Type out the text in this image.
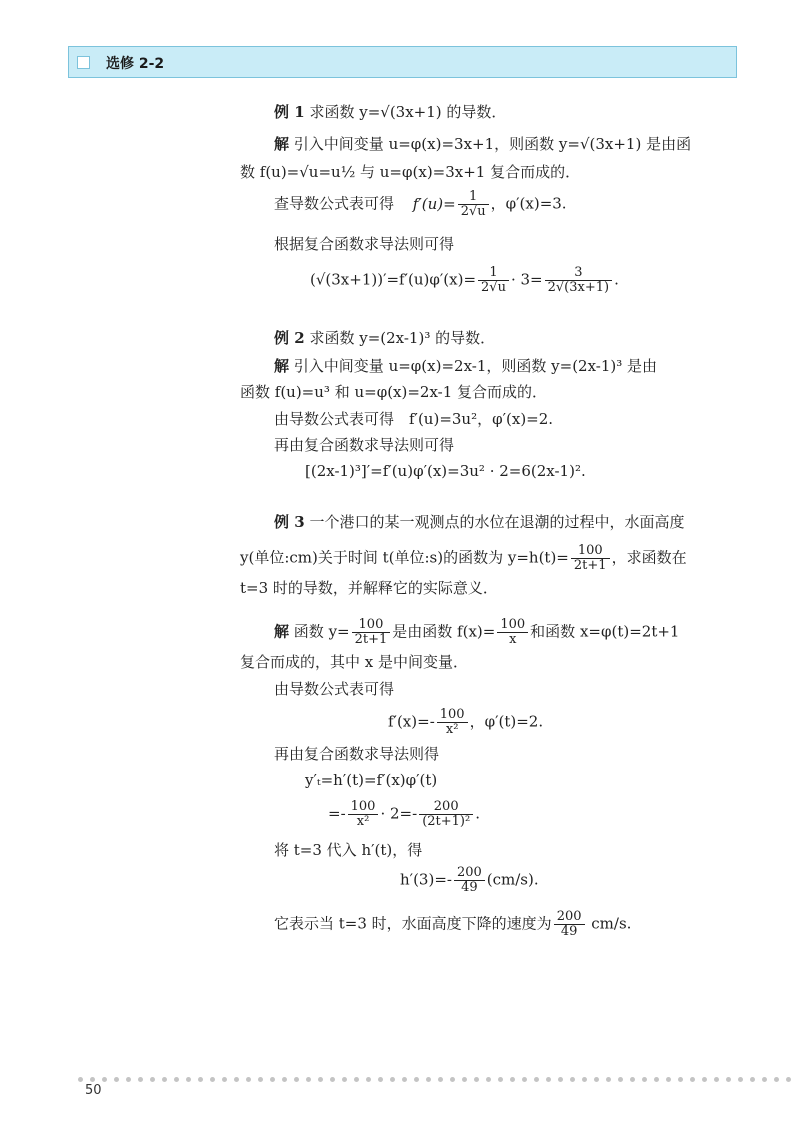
选修 2-2
例 1 求函数 y=√(3x+1) 的导数．
解 引入中间变量 u=φ(x)=3x+1，则函数 y=√(3x+1) 是由函
数 f(u)=√u=u½ 与 u=φ(x)=3x+1 复合而成的．
查导数公式表可得 $f'(u)= \frac{1}{2√u}$ ，φ′(x)=3.
根据复合函数求导法则可得
$(√(3x+1))'=f'(u)\varphi'(x)= \frac{1}{2√u} \cdot 3= \frac{3}{2√(3x+1)}$ .
例 2 求函数 y=(2x-1)³ 的导数．
解 引入中间变量 u=φ(x)=2x-1，则函数 y=(2x-1)³ 是由
函数 f(u)=u³ 和 u=φ(x)=2x-1 复合而成的．
由导数公式表可得　f′(u)=3u²，φ′(x)=2.
再由复合函数求导法则可得
[(2x-1)³]′=f′(u)φ′(x)=3u² · 2=6(2x-1)².
例 3 一个港口的某一观测点的水位在退潮的过程中，水面高度
y(单位:cm)关于时间 t(单位:s)的函数为 $y=h(t)= \frac{100}{2t+1}$ ，求函数在
t=3 时的导数，并解释它的实际意义．
解 函数 $y= \frac{100}{2t+1}$ 是由函数 $f(x)= \frac{100}{x}$ 和函数 x=φ(t)=2t+1
复合而成的，其中 x 是中间变量．
由导数公式表可得
$f'(x)=- \frac{100}{\text{x²}}$ ，φ′(t)=2.
再由复合函数求导法则得
y′ₜ=h′(t)=f′(x)φ′(t)
=- $\frac{100}{\text{x²}} \cdot 2=- \frac{200}{\text{(2t+1)²}}$ .
将 t=3 代入 h′(t)，得
$h'(3)=- \frac{200}{49} (cm/s)$.
它表示当 t=3 时，水面高度下降的速度为 $\frac{200}{49} cm/s$.
50
